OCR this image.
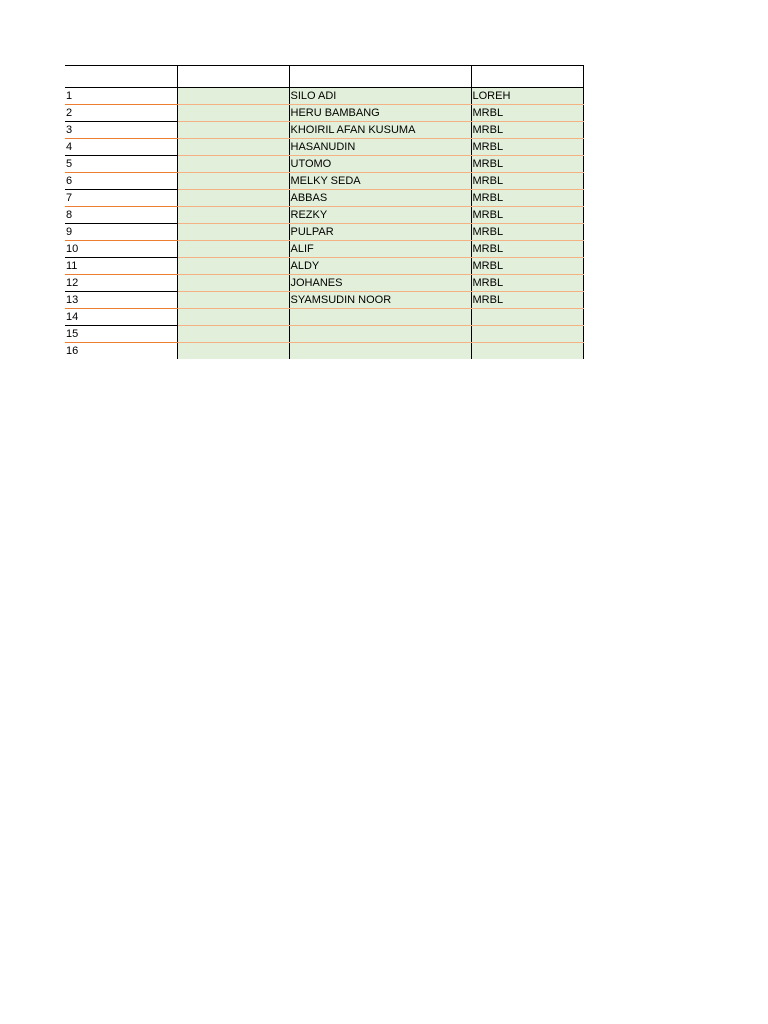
1		SILO ADI	LOREH
2		HERU BAMBANG	MRBL
3		KHOIRIL AFAN KUSUMA	MRBL
4		HASANUDIN	MRBL
5		UTOMO	MRBL
6		MELKY SEDA	MRBL
7		ABBAS	MRBL
8		REZKY	MRBL
9		PULPAR	MRBL
10		ALIF	MRBL
11		ALDY	MRBL
12		JOHANES	MRBL
13		SYAMSUDIN NOOR	MRBL
14			
15			
16			
